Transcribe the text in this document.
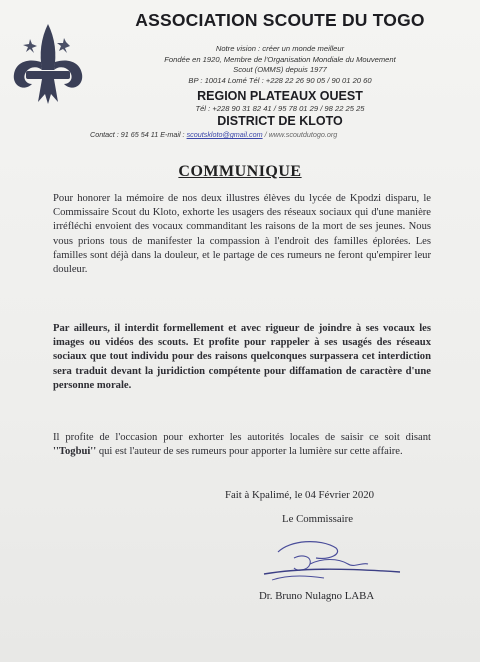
ASSOCIATION SCOUTE DU TOGO
Notre vision : créer un monde meilleur
Fondée en 1920, Membre de l'Organisation Mondiale du Mouvement
Scout (OMMS) depuis 1977
BP : 10014 Lomé Tél : +228 22 26 90 05 / 90 01 20 60
REGION PLATEAUX OUEST
Tél : +228 90 31 82 41 / 95 78 01 29 / 98 22 25 25
DISTRICT DE KLOTO
Contact : 91 65 54 11 E-mail : scoutskloto@gmail.com / www.scoutdutogo.org
COMMUNIQUE
Pour honorer la mémoire de nos deux illustres élèves du lycée de Kpodzi disparu, le Commissaire Scout du Kloto, exhorte les usagers des réseaux sociaux qui d'une manière irréfléchi envoient des vocaux commanditant les raisons de la mort de ses jeunes. Nous vous prions tous de manifester la compassion à l'endroit des familles éplorées. Les familles sont déjà dans la douleur, et le partage de ces rumeurs ne feront qu'empirer leur douleur.
Par ailleurs, il interdit formellement et avec rigueur de joindre à ses vocaux les images ou vidéos des scouts. Et profite pour rappeler à ses usagés des réseaux sociaux que tout individu pour des raisons quelconques surpassera cet interdiction sera traduit devant la juridiction compétente pour diffamation de caractère d'une personne morale.
Il profite de l'occasion pour exhorter les autorités locales de saisir ce soit disant ''Togbui'' qui est l'auteur de ses rumeurs pour apporter la lumière sur cette affaire.
Fait à Kpalimé, le 04 Février 2020
Le Commissaire
Dr. Bruno Nulagno LABA
